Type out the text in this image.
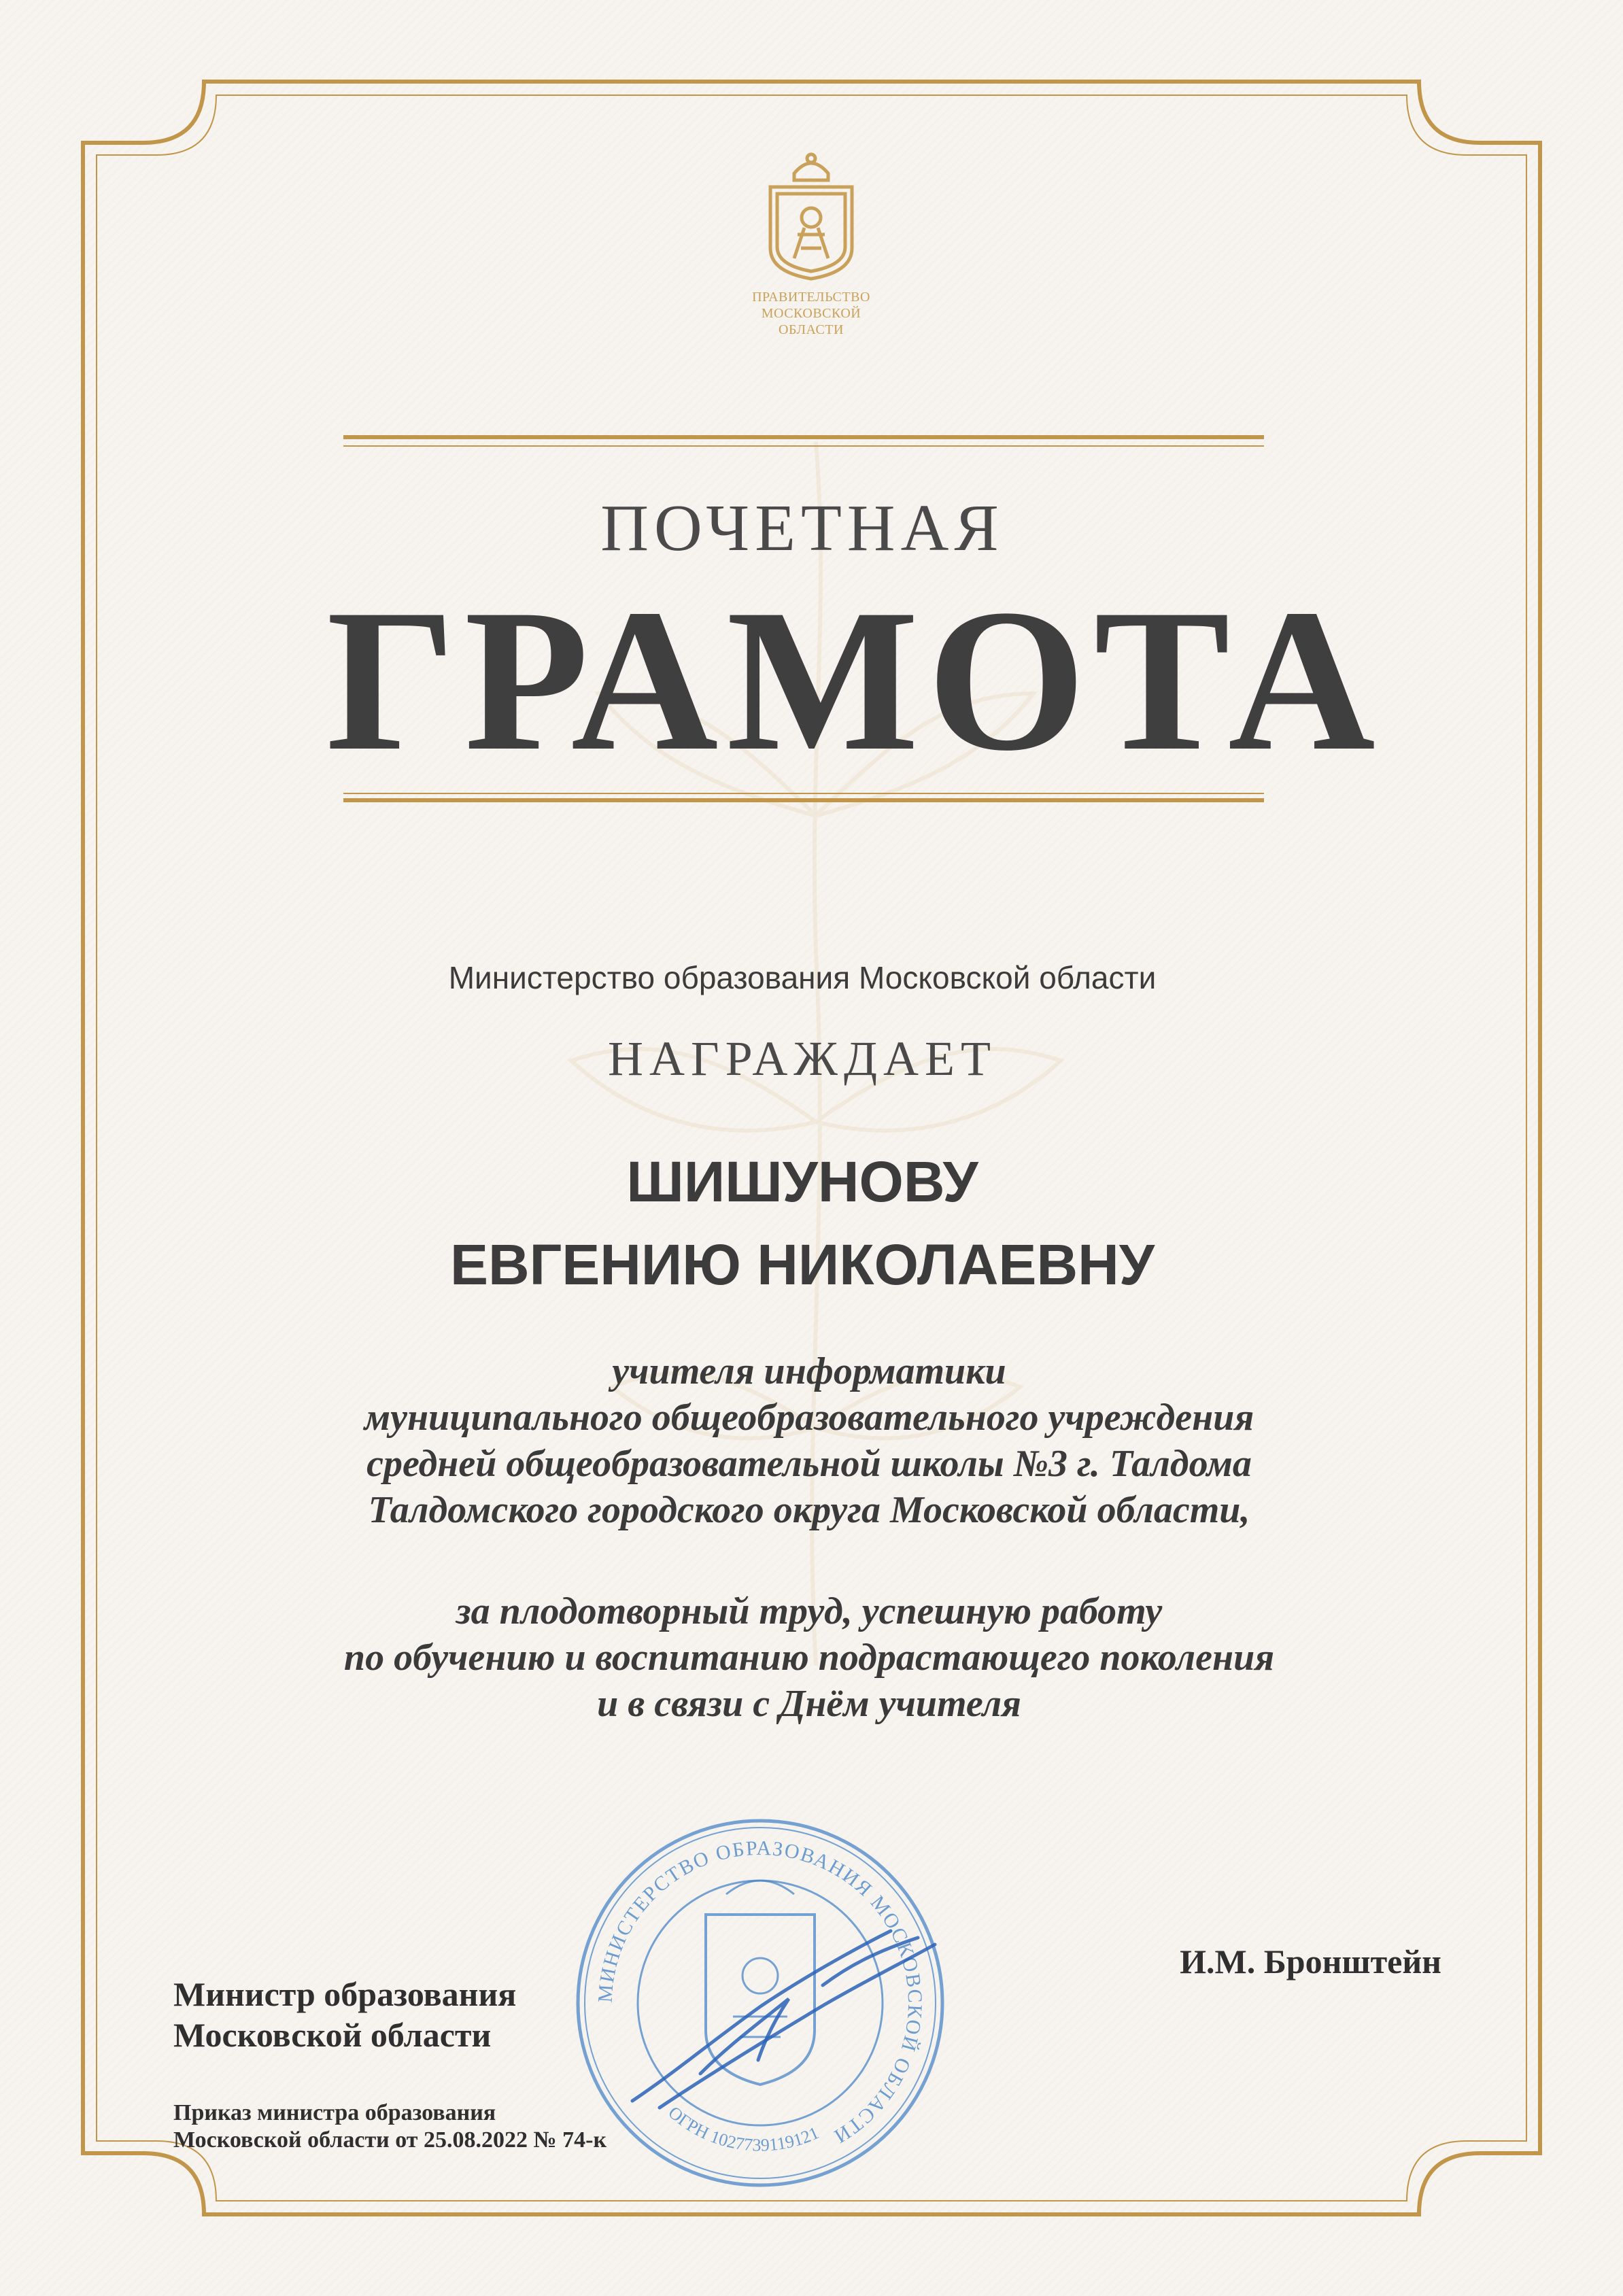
ПРАВИТЕЛЬСТВО
МОСКОВСКОЙ
ОБЛАСТИ
ПОЧЕТНАЯ
ГРАМОТА
Министерство образования Московской области
НАГРАЖДАЕТ
ШИШУНОВУ
ЕВГЕНИЮ НИКОЛАЕВНУ
учителя информатики
муниципального общеобразовательного учреждения
средней общеобразовательной школы №3 г. Талдома
Талдомского городского округа Московской области,
за плодотворный труд, успешную работу
по обучению и воспитанию подрастающего поколения
и в связи с Днём учителя
Министр образования
Московской области
И.М. Бронштейн
МИНИСТЕРСТВО ОБРАЗОВАНИЯ МОСКОВСКОЙ ОБЛАСТИ
ОГРН 1027739119121
Приказ министра образования
Московской области от 25.08.2022 № 74-к
